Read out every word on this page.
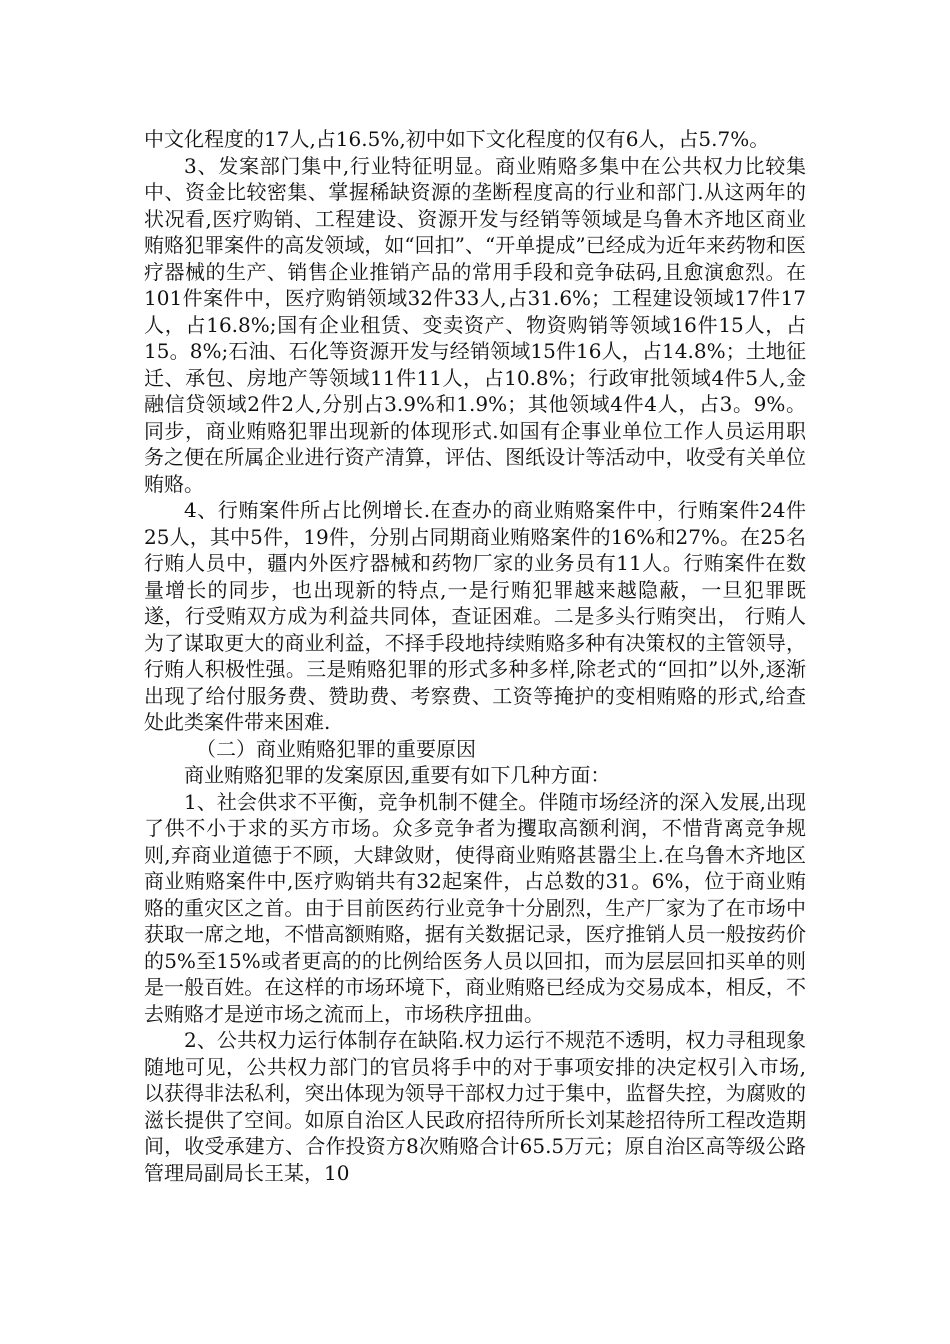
中文化程度的17人,占16.5%,初中如下文化程度的仅有6人，占5.7%。

3、发案部门集中,行业特征明显。商业贿赂多集中在公共权力比较集中、资金比较密集、掌握稀缺资源的垄断程度高的行业和部门.从这两年的状况看,医疗购销、工程建设、资源开发与经销等领域是乌鲁木齐地区商业贿赂犯罪案件的高发领域，如“回扣”、“开单提成”已经成为近年来药物和医疗器械的生产、销售企业推销产品的常用手段和竞争砝码,且愈演愈烈。在101件案件中，医疗购销领域32件33人,占31.6%；工程建设领域17件17人，占16.8%;国有企业租赁、变卖资产、物资购销等领域16件15人，占15。8%;石油、石化等资源开发与经销领域15件16人，占14.8%；土地征迁、承包、房地产等领域11件11人，占10.8%；行政审批领域4件5人,金融信贷领域2件2人,分别占3.9%和1.9%；其他领域4件4人，占3。9%。同步，商业贿赂犯罪出现新的体现形式.如国有企事业单位工作人员运用职务之便在所属企业进行资产清算，评估、图纸设计等活动中，收受有关单位贿赂。

4、行贿案件所占比例增长.在查办的商业贿赂案件中，行贿案件24件25人，其中5件，19件，分别占同期商业贿赂案件的16%和27%。在25名行贿人员中，疆内外医疗器械和药物厂家的业务员有11人。行贿案件在数量增长的同步，也出现新的特点,一是行贿犯罪越来越隐蔽，一旦犯罪既遂，行受贿双方成为利益共同体，查证困难。二是多头行贿突出， 行贿人为了谋取更大的商业利益，不择手段地持续贿赂多种有决策权的主管领导，行贿人积极性强。三是贿赂犯罪的形式多种多样,除老式的“回扣”以外,逐渐出现了给付服务费、赞助费、考察费、工资等掩护的变相贿赂的形式,给查处此类案件带来困难.

（二）商业贿赂犯罪的重要原因

商业贿赂犯罪的发案原因,重要有如下几种方面：

1、社会供求不平衡，竞争机制不健全。伴随市场经济的深入发展,出现了供不小于求的买方市场。众多竞争者为攫取高额利润，不惜背离竞争规则,弃商业道德于不顾，大肆敛财，使得商业贿赂甚嚣尘上.在乌鲁木齐地区商业贿赂案件中,医疗购销共有32起案件，占总数的31。6%，位于商业贿赂的重灾区之首。由于目前医药行业竞争十分剧烈，生产厂家为了在市场中获取一席之地，不惜高额贿赂，据有关数据记录，医疗推销人员一般按药价的5%至15%或者更高的的比例给医务人员以回扣，而为层层回扣买单的则是一般百姓。在这样的市场环境下，商业贿赂已经成为交易成本，相反，不去贿赂才是逆市场之流而上，市场秩序扭曲。

2、公共权力运行体制存在缺陷.权力运行不规范不透明，权力寻租现象随地可见，公共权力部门的官员将手中的对于事项安排的决定权引入市场,以获得非法私利，突出体现为领导干部权力过于集中，监督失控，为腐败的滋长提供了空间。如原自治区人民政府招待所所长刘某趁招待所工程改造期间，收受承建方、合作投资方8次贿赂合计65.5万元；原自治区高等级公路管理局副局长王某，10
